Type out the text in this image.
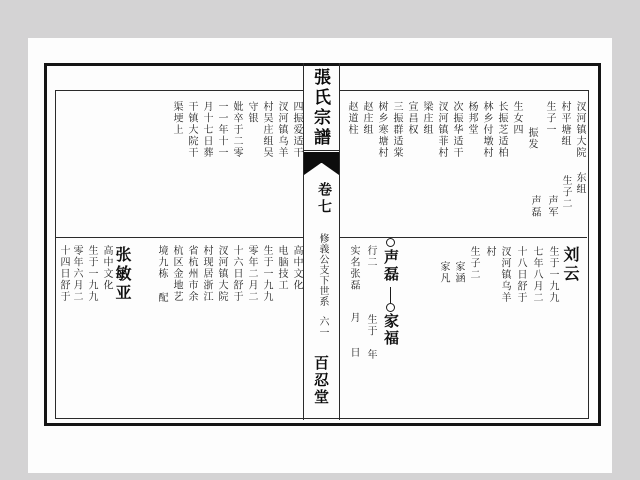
張氏宗譜
卷七
修義公支下世系
六一
百忍堂
刘云
张敏亚	声磊
家福
汊河镇大院
东组
村平塘组
生子二
生子一
声军
振发
声磊
生女四
长振芝适柏
林乡付墩村
杨邦堂
次振华适干
汊河镇菲村
梁庄组
宣昌权
三振群适棠
树乡寒塘村
赵庄组
赵道柱
生于一九九
七年八月二
十八日舒于
汊河镇乌羊
村
生子二
家涵
家凡
行二
生于
年
实名张磊
月
日
四振爱适干
汊河镇乌羊
村吴庄组吴
守银
妣卒于二零
一一年十一
月十七日葬
干镇大院干
渠埂上
高中文化
电脑技工
生于一九九
零年二月二
十六日舒于
汊河镇大院
村现居浙江
省杭州市余
杭区金地艺
境九栋
配
高中文化
生于一九九
零年六月二
十四日舒于
